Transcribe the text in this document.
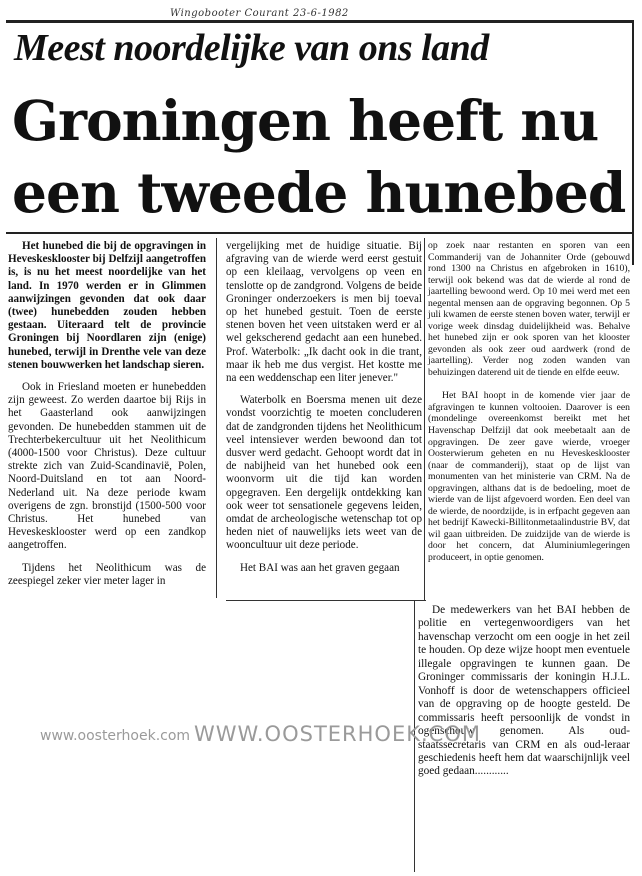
Wingobooter Courant 23-6-1982
Meest noordelijke van ons land
Groningen heeft nu
een tweede hunebed

Het hunebed die bij de opgravingen in Heveskesklooster bij Delfzijl aangetroffen is, is nu het meest noordelijke van het land. In 1970 werden er in Glimmen aanwijzingen gevonden dat ook daar (twee) hunebedden zouden hebben gestaan. Uiteraard telt de provincie Groningen bij Noordlaren zijn (enige) hunebed, terwijl in Drenthe vele van deze stenen bouwwerken het landschap sieren.

Ook in Friesland moeten er hunebedden zijn geweest. Zo werden daartoe bij Rijs in het Gaasterland ook aanwijzingen gevonden. De hunebedden stammen uit de Trechterbekercultuur uit het Neolithicum (4000-1500 voor Christus). Deze cultuur strekte zich van Zuid-Scandinavië, Polen, Noord-Duitsland en tot aan Noord-Nederland uit. Na deze periode kwam overigens de zgn. bronstijd (1500-500 voor Christus. Het hunebed van Heveskesklooster werd op een zandkop aangetroffen.

Tijdens het Neolithicum was de zeespiegel zeker vier meter lager in

vergelijking met de huidige situatie. Bij afgraving van de wierde werd eerst gestuit op een kleilaag, vervolgens op veen en tenslotte op de zandgrond. Volgens de beide Groninger onderzoekers is men bij toeval op het hunebed gestuit. Toen de eerste stenen boven het veen uitstaken werd er al wel gekscherend gedacht aan een hunebed. Prof. Waterbolk: „Ik dacht ook in die trant, maar ik heb me dus vergist. Het kostte me na een weddenschap een liter jenever."

Waterbolk en Boersma menen uit deze vondst voorzichtig te moeten concluderen dat de zandgronden tijdens het Neolithicum veel intensiever werden bewoond dan tot dusver werd gedacht. Gehoopt wordt dat in de nabijheid van het hunebed ook een woonvorm uit die tijd kan worden opgegraven. Een dergelijk ontdekking kan ook weer tot sensationele gegevens leiden, omdat de archeologische wetenschap tot op heden niet of nauwelijks iets weet van de wooncultuur uit deze periode.

Het BAI was aan het graven gegaan

op zoek naar restanten en sporen van een Commanderij van de Johanniter Orde (gebouwd rond 1300 na Christus en afgebroken in 1610), terwijl ook bekend was dat de wierde al rond de jaartelling bewoond werd. Op 10 mei werd met een negental mensen aan de opgraving begonnen. Op 5 juli kwamen de eerste stenen boven water, terwijl er vorige week dinsdag duidelijkheid was. Behalve het hunebed zijn er ook sporen van het klooster gevonden als ook zeer oud aardwerk (rond de jaartelling). Verder nog zoden wanden van behuizingen daterend uit de tiende en elfde eeuw.

Het BAI hoopt in de komende vier jaar de afgravingen te kunnen voltooien. Daarover is een (mondelinge overeenkomst bereikt met het Havenschap Delfzijl dat ook meebetaalt aan de opgravingen. De zeer gave wierde, vroeger Oosterwierum geheten en nu Heveskesklooster (naar de commanderij), staat op de lijst van monumenten van het ministerie van CRM. Na de opgravingen, althans dat is de bedoeling, moet de wierde van de lijst afgevoerd worden. Een deel van de wierde, de noordzijde, is in erfpacht gegeven aan het bedrijf Kawecki-Billitonmetaalindustrie BV, dat wil gaan uitbreiden. De zuidzijde van de wierde is door het concern, dat Aluminiumlegeringen produceert, in optie genomen.

De medewerkers van het BAI hebben de politie en vertegenwoordigers van het havenschap verzocht om een oogje in het zeil te houden. Op deze wijze hoopt men eventuele illegale opgravingen te kunnen gaan. De Groninger commissaris der koningin H.J.L. Vonhoff is door de wetenschappers officieel van de opgraving op de hoogte gesteld. De commissaris heeft persoonlijk de vondst in ogenschouw genomen. Als oud-staatssecretaris van CRM en als oud-leraar geschiedenis heeft hem dat waarschijnlijk veel goed gedaan............

www.oosterhoek.com WWW.OOSTERHOEK.COM
